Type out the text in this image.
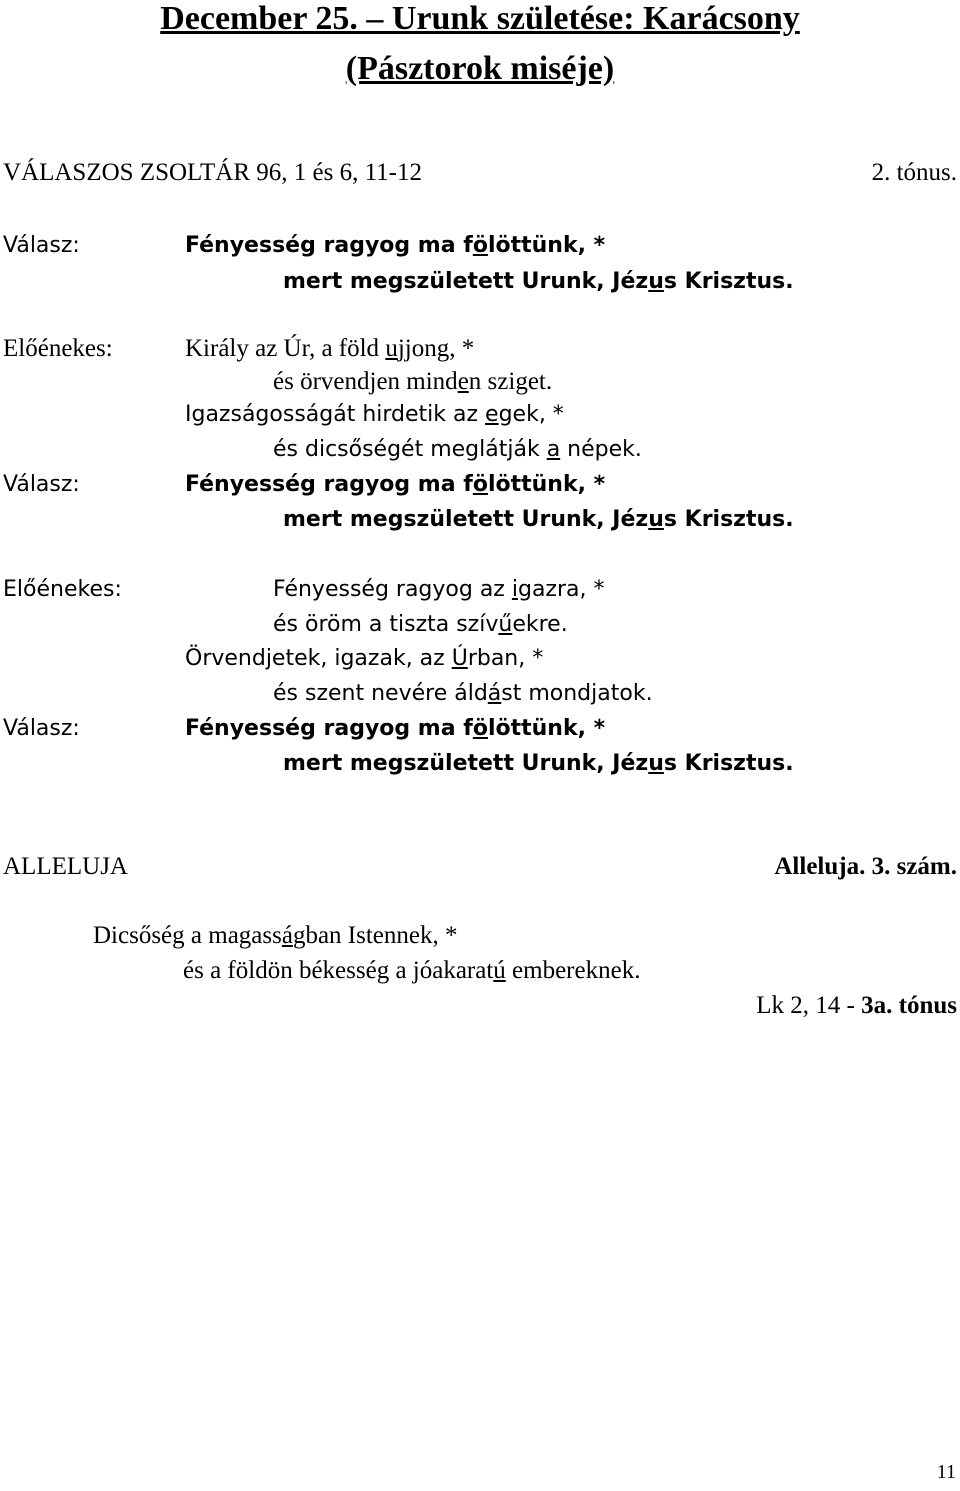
December 25. – Urunk születése: Karácsony
(Pásztorok miséje)
VÁLASZOS ZSOLTÁR 96, 1 és 6, 11-12	2. tónus.
Válasz:	Fényesség ragyog ma fölöttünk, *
mert megszületett Urunk, Jézus Krisztus.
Előénekes:	Király az Úr, a föld ujjong, *
és örvendjen minden sziget.
Igazságosságát hirdetik az egek, *
és dicsőségét meglátják a népek.
Válasz:	Fényesség ragyog ma fölöttünk, *
mert megszületett Urunk, Jézus Krisztus.
Előénekes:	Fényesség ragyog az igazra, *
és öröm a tiszta szívűekre.
Örvendjetek, igazak, az Úrban, *
és szent nevére áldást mondjatok.
Válasz:	Fényesség ragyog ma fölöttünk, *
mert megszületett Urunk, Jézus Krisztus.
ALLELUJA	Alleluja. 3. szám.
Dicsőség a magasságban Istennek, *
és a földön békesség a jóakaratú embereknek.
Lk 2, 14 - 3a. tónus
11
